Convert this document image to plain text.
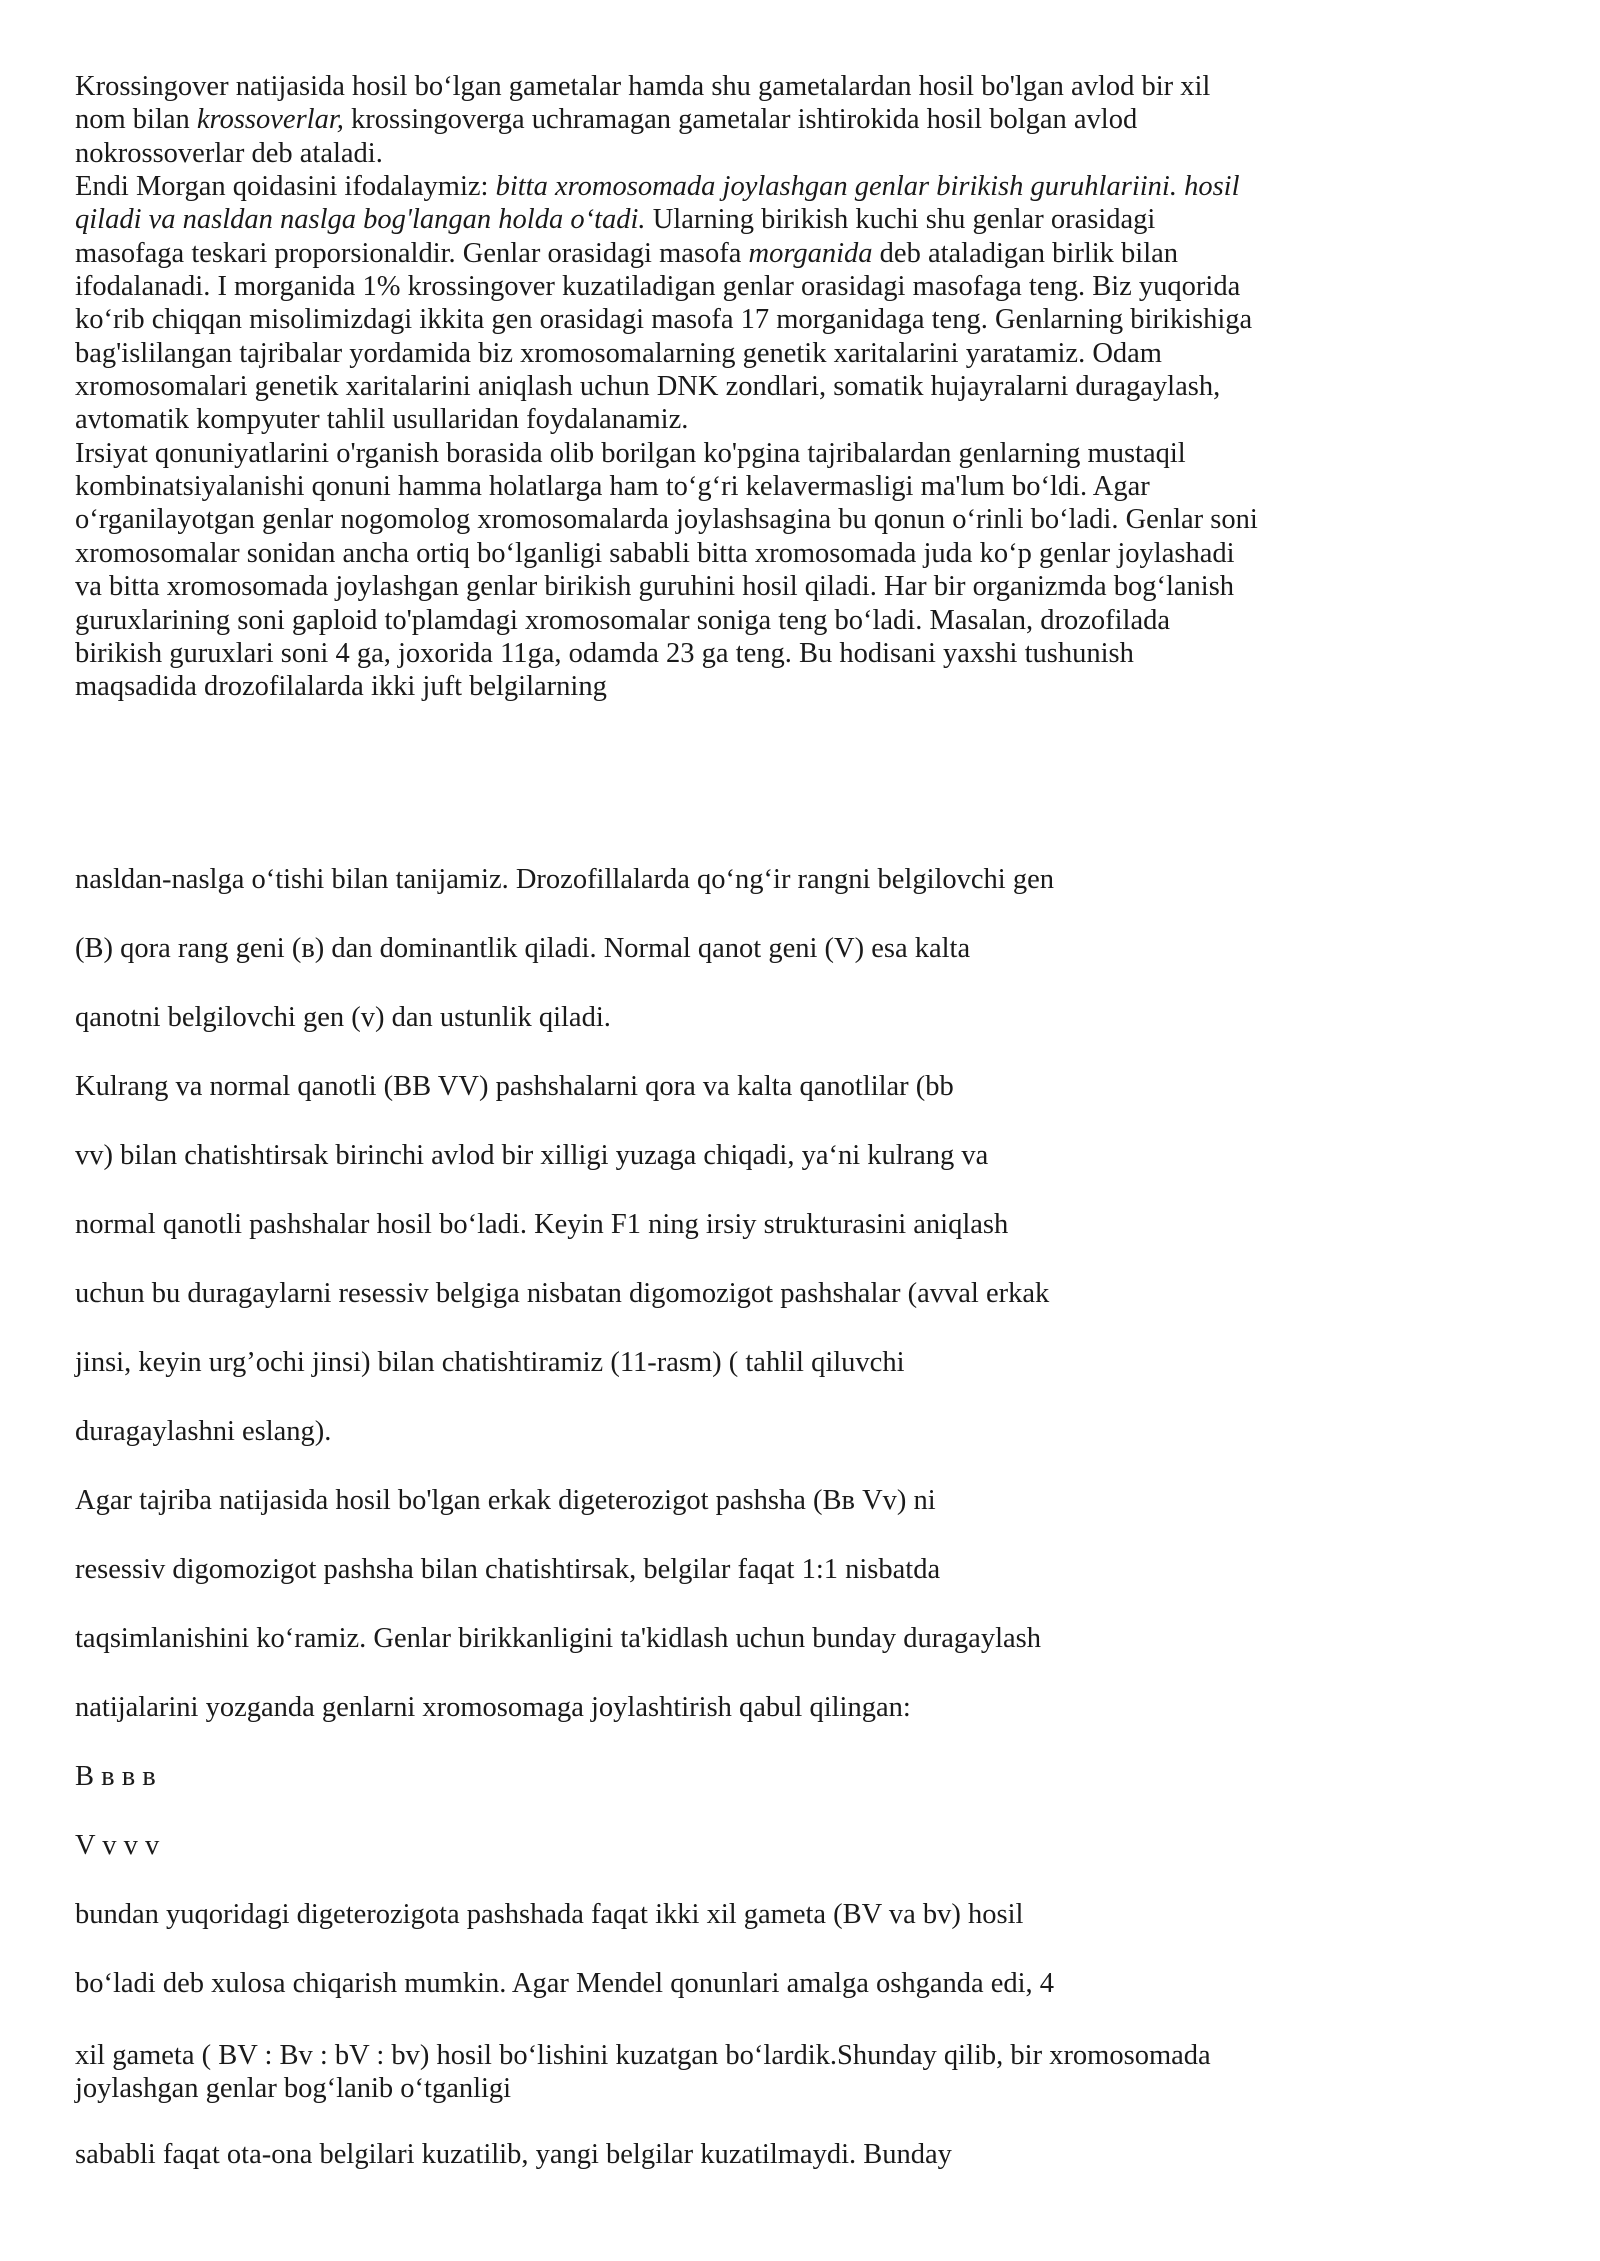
Krossingover natijasida hosil bo‘lgan gametalar hamda shu gametalardan hosil bo'lgan avlod bir xil
nom bilan krossoverlar, krossingoverga uchramagan gametalar ishtirokida hosil bolgan avlod
nokrossoverlar deb ataladi.

Endi Morgan qoidasini ifodalaymiz: bitta xromosomada joylashgan genlar birikish guruhlariini. hosil
qiladi va nasldan naslga bog'langan holda o‘tadi. Ularning birikish kuchi shu genlar orasidagi
masofaga teskari proporsionaldir. Genlar orasidagi masofa morganida deb ataladigan birlik bilan
ifodalanadi. I morganida 1% krossingover kuzatiladigan genlar orasidagi masofaga teng. Biz yuqorida
ko‘rib chiqqan misolimizdagi ikkita gen orasidagi masofa 17 morganidaga teng. Genlarning birikishiga
bag'islilangan tajribalar yordamida biz xromosomalarning genetik xaritalarini yaratamiz. Odam
xromosomalari genetik xaritalarini aniqlash uchun DNK zondlari, somatik hujayralarni duragaylash,
avtomatik kompyuter tahlil usullaridan foydalanamiz.

Irsiyat qonuniyatlarini o'rganish borasida olib borilgan ko'pgina tajribalardan genlarning mustaqil
kombinatsiyalanishi qonuni hamma holatlarga ham to‘g‘ri kelavermasligi ma'lum bo‘ldi. Agar
o‘rganilayotgan genlar nogomolog xromosomalarda joylashsagina bu qonun o‘rinli bo‘ladi. Genlar soni
xromosomalar sonidan ancha ortiq bo‘lganligi sababli bitta xromosomada juda ko‘p genlar joylashadi
va bitta xromosomada joylashgan genlar birikish guruhini hosil qiladi. Har bir organizmda bog‘lanish
guruxlarining soni gaploid to'plamdagi xromosomalar soniga teng bo‘ladi. Masalan, drozofilada
birikish guruxlari soni 4 ga, joxorida 11ga, odamda 23 ga teng. Bu hodisani yaxshi tushunish
maqsadida drozofilalarda ikki juft belgilarning

nasldan-naslga o‘tishi bilan tanijamiz. Drozofillalarda qo‘ng‘ir rangni belgilovchi gen
(B) qora rang geni (в) dan dominantlik qiladi. Normal qanot geni (V) esa kalta
qanotni belgilovchi gen (v) dan ustunlik qiladi.
Kulrang va normal qanotli (BB VV) pashshalarni qora va kalta qanotlilar (bb
vv) bilan chatishtirsak birinchi avlod bir xilligi yuzaga chiqadi, ya‘ni kulrang va
normal qanotli pashshalar hosil bo‘ladi. Keyin F1 ning irsiy strukturasini aniqlash
uchun bu duragaylarni resessiv belgiga nisbatan digomozigot pashshalar (avval erkak
jinsi, keyin urg’ochi jinsi) bilan chatishtiramiz (11-rasm) ( tahlil qiluvchi
duragaylashni eslang).
Agar tajriba natijasida hosil bo'lgan erkak digeterozigot pashsha (Bв Vv) ni
resessiv digomozigot pashsha bilan chatishtirsak, belgilar faqat 1:1 nisbatda
taqsimlanishini ko‘ramiz. Genlar birikkanligini ta'kidlash uchun bunday duragaylash
natijalarini yozganda genlarni xromosomaga joylashtirish qabul qilingan:
B в в в
V v v v
bundan yuqoridagi digeterozigota pashshada faqat ikki xil gameta (BV va bv) hosil
bo‘ladi deb xulosa chiqarish mumkin. Agar Mendel qonunlari amalga oshganda edi, 4
xil gameta ( BV : Bv : bV : bv) hosil bo‘lishini kuzatgan bo‘lardik.Shunday qilib, bir xromosomada
joylashgan genlar bog‘lanib o‘tganligi
sababli faqat ota-ona belgilari kuzatilib, yangi belgilar kuzatilmaydi. Bunday
